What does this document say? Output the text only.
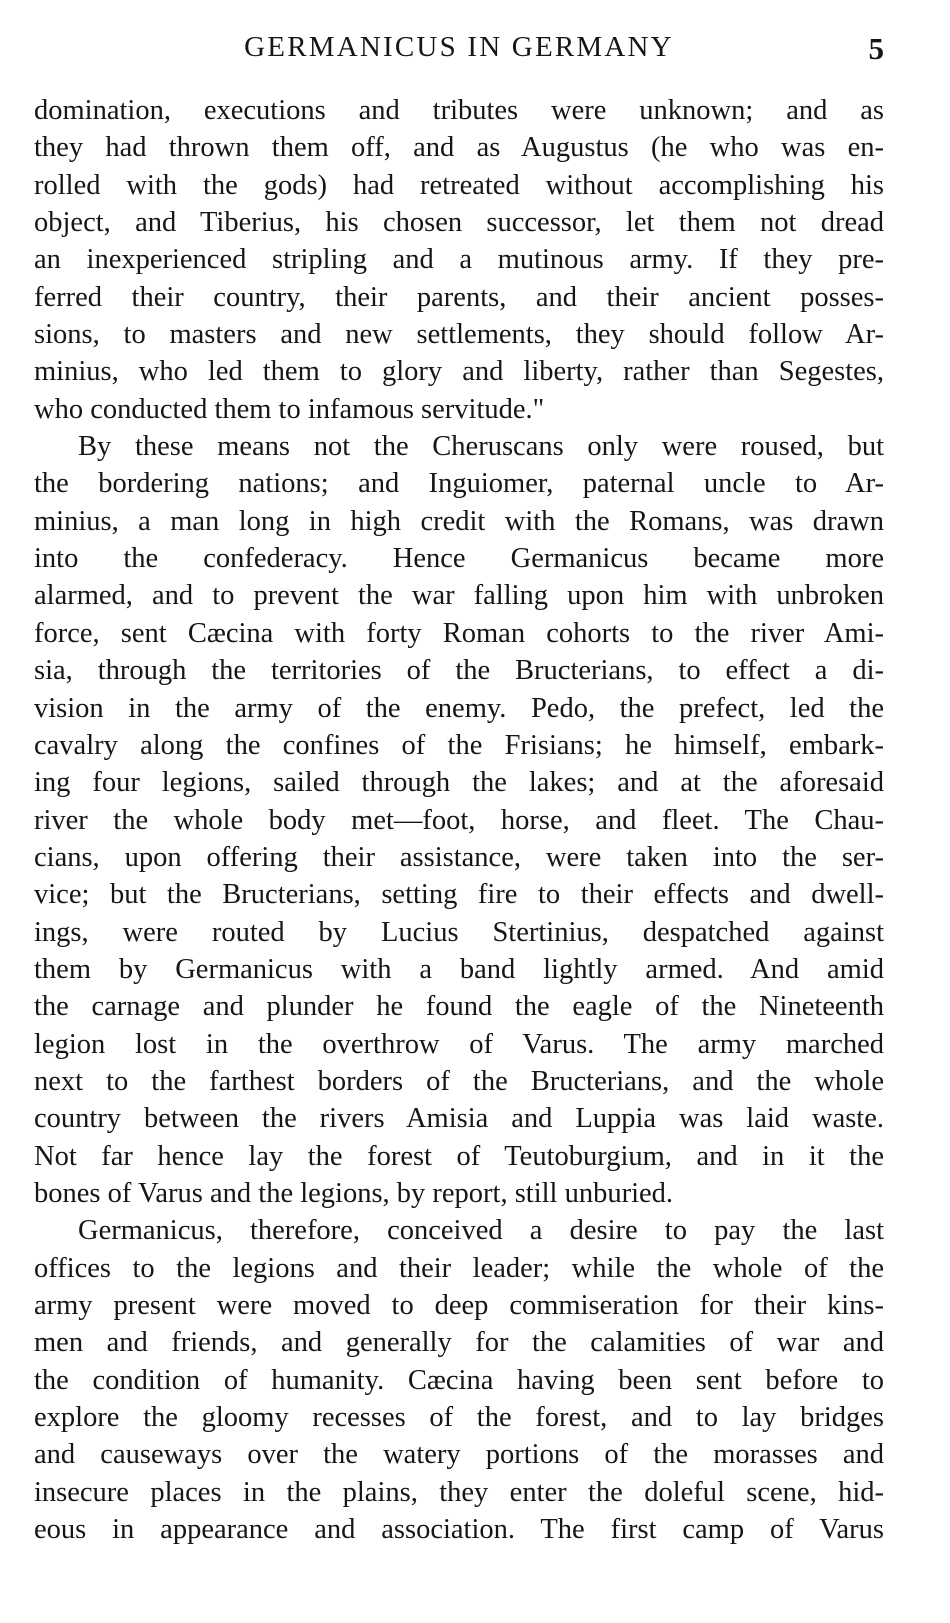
GERMANICUS IN GERMANY	5
domination, executions and tributes were unknown; and as
they had thrown them off, and as Augustus (he who was en-
rolled with the gods) had retreated without accomplishing his
object, and Tiberius, his chosen successor, let them not dread
an inexperienced stripling and a mutinous army. If they pre-
ferred their country, their parents, and their ancient posses-
sions, to masters and new settlements, they should follow Ar-
minius, who led them to glory and liberty, rather than Segestes,
who conducted them to infamous servitude."
By these means not the Cheruscans only were roused, but
the bordering nations; and Inguiomer, paternal uncle to Ar-
minius, a man long in high credit with the Romans, was drawn
into the confederacy. Hence Germanicus became more
alarmed, and to prevent the war falling upon him with unbroken
force, sent Cæcina with forty Roman cohorts to the river Ami-
sia, through the territories of the Bructerians, to effect a di-
vision in the army of the enemy. Pedo, the prefect, led the
cavalry along the confines of the Frisians; he himself, embark-
ing four legions, sailed through the lakes; and at the aforesaid
river the whole body met—foot, horse, and fleet. The Chau-
cians, upon offering their assistance, were taken into the ser-
vice; but the Bructerians, setting fire to their effects and dwell-
ings, were routed by Lucius Stertinius, despatched against
them by Germanicus with a band lightly armed. And amid
the carnage and plunder he found the eagle of the Nineteenth
legion lost in the overthrow of Varus. The army marched
next to the farthest borders of the Bructerians, and the whole
country between the rivers Amisia and Luppia was laid waste.
Not far hence lay the forest of Teutoburgium, and in it the
bones of Varus and the legions, by report, still unburied.
Germanicus, therefore, conceived a desire to pay the last
offices to the legions and their leader; while the whole of the
army present were moved to deep commiseration for their kins-
men and friends, and generally for the calamities of war and
the condition of humanity. Cæcina having been sent before to
explore the gloomy recesses of the forest, and to lay bridges
and causeways over the watery portions of the morasses and
insecure places in the plains, they enter the doleful scene, hid-
eous in appearance and association. The first camp of Varus
